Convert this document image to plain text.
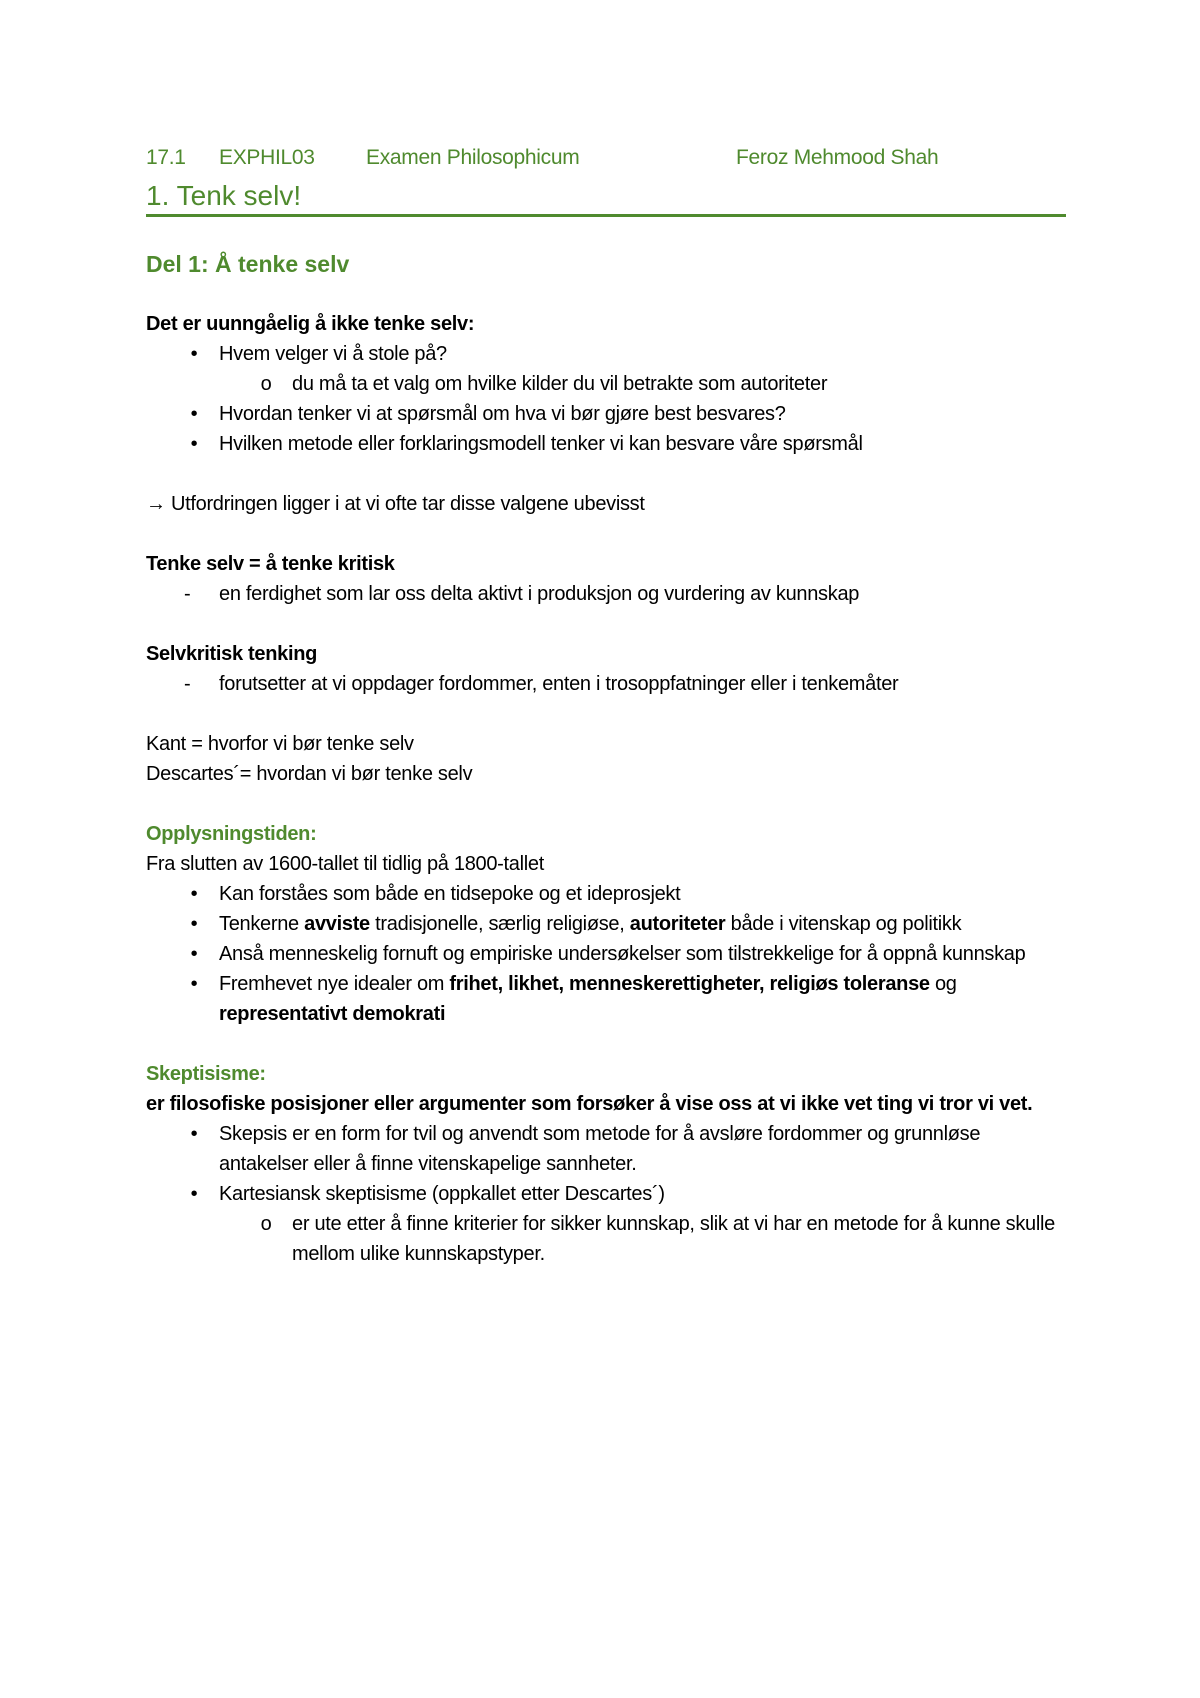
17.1	EXPHIL03	Examen Philosophicum	Feroz Mehmood Shah
1. Tenk selv!
Del 1: Å tenke selv
Det er uunngåelig å ikke tenke selv:
•	Hvem velger vi å stole på?
o du må ta et valg om hvilke kilder du vil betrakte som autoriteter
•	Hvordan tenker vi at spørsmål om hva vi bør gjøre best besvares?
•	Hvilken metode eller forklaringsmodell tenker vi kan besvare våre spørsmål
→ Utfordringen ligger i at vi ofte tar disse valgene ubevisst
Tenke selv = å tenke kritisk
- en ferdighet som lar oss delta aktivt i produksjon og vurdering av kunnskap
Selvkritisk tenking
- forutsetter at vi oppdager fordommer, enten i trosoppfatninger eller i tenkemåter
Kant = hvorfor vi bør tenke selv
Descartes´= hvordan vi bør tenke selv
Opplysningstiden:
Fra slutten av 1600-tallet til tidlig på 1800-tallet
•	Kan forståes som både en tidsepoke og et ideprosjekt
•	Tenkerne avviste tradisjonelle, særlig religiøse, autoriteter både i vitenskap og politikk
•	Anså menneskelig fornuft og empiriske undersøkelser som tilstrekkelige for å oppnå kunnskap
•	Fremhevet nye idealer om frihet, likhet, menneskerettigheter, religiøs toleranse og representativt demokrati
Skeptisisme:
er filosofiske posisjoner eller argumenter som forsøker å vise oss at vi ikke vet ting vi tror vi vet.
•	Skepsis er en form for tvil og anvendt som metode for å avsløre fordommer og grunnløse antakelser eller å finne vitenskapelige sannheter.
•	Kartesiansk skeptisisme (oppkallet etter Descartes´)
o er ute etter å finne kriterier for sikker kunnskap, slik at vi har en metode for å kunne skulle mellom ulike kunnskapstyper.
